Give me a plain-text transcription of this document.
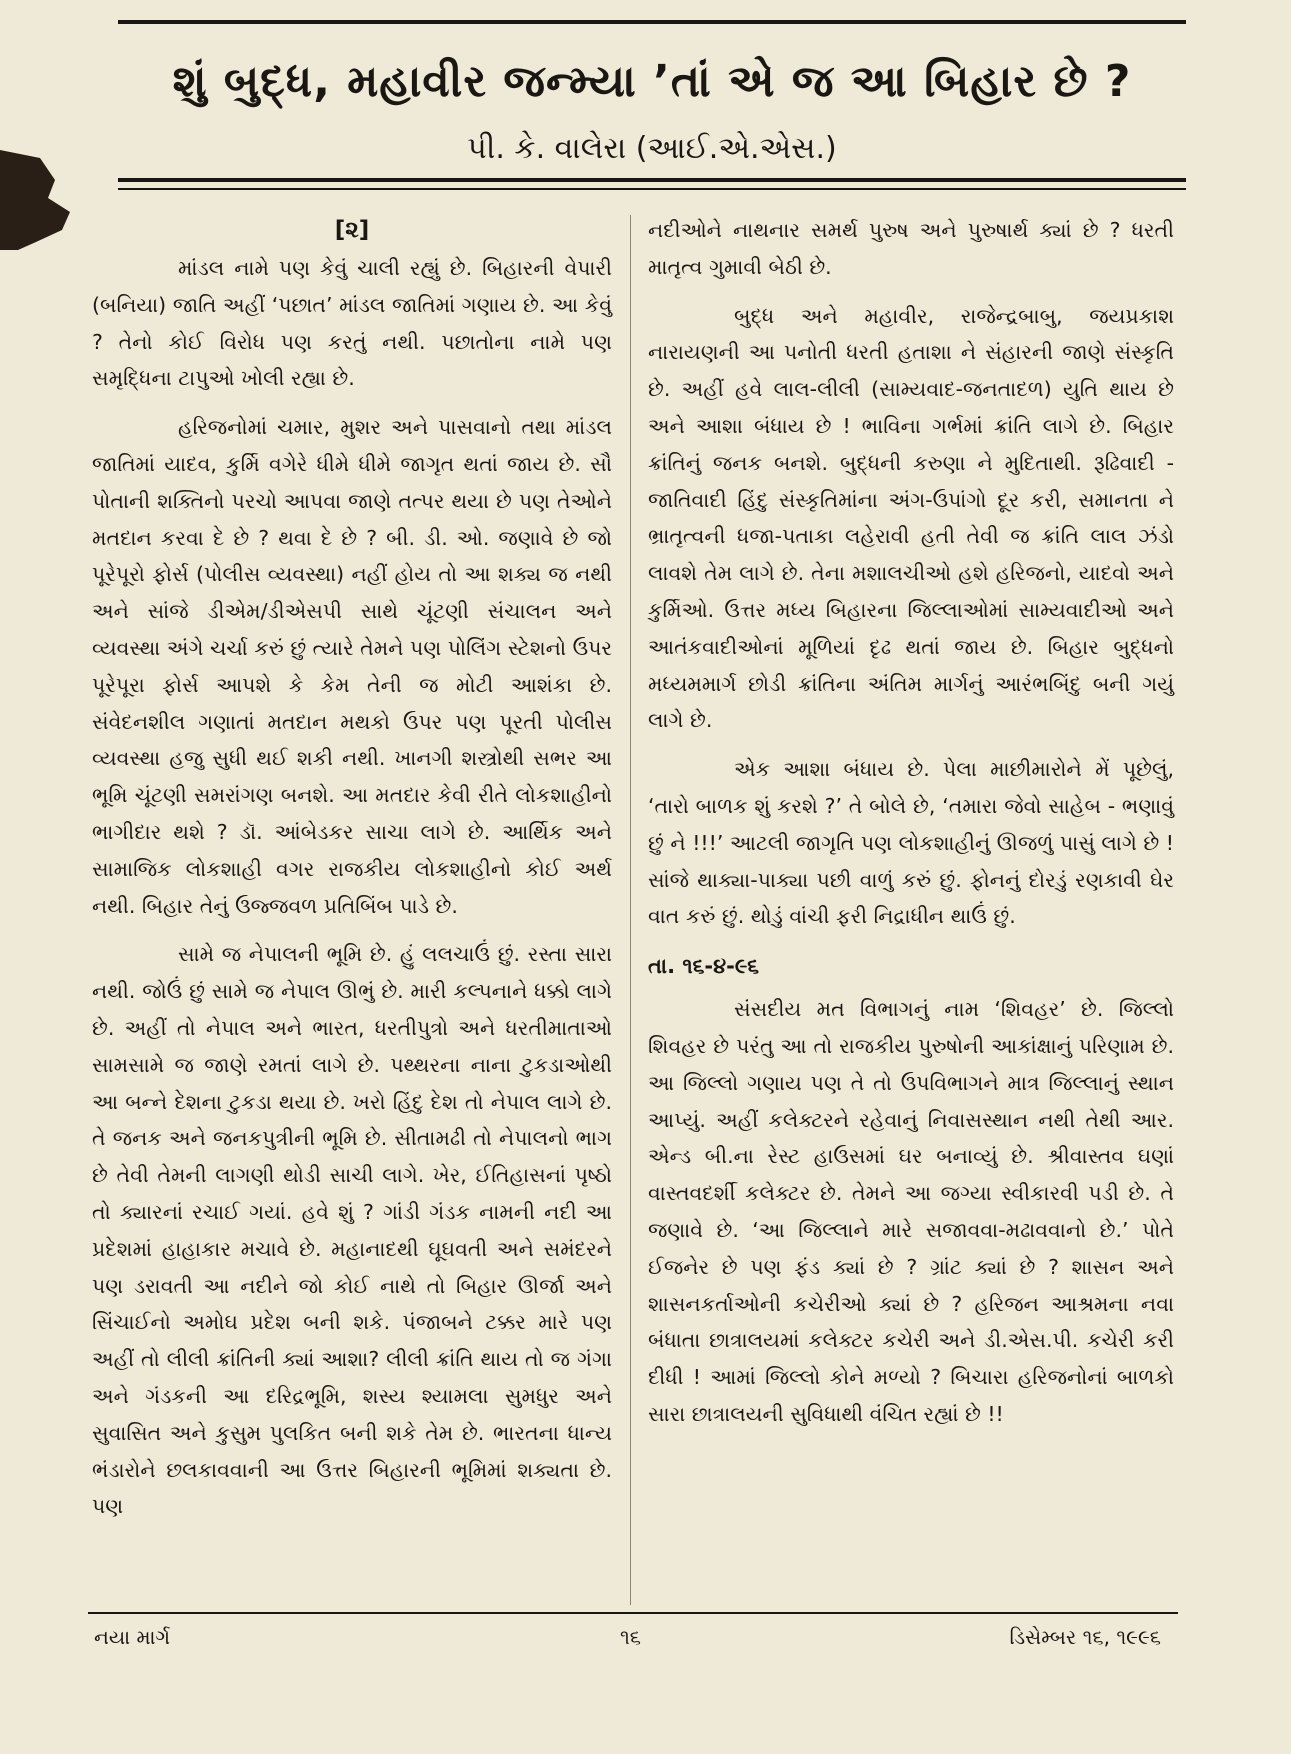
શું બુદ્ધ, મહાવીર જન્મ્યા ’તાં એ જ આ બિહાર છે ?
પી. કે. વાલેરા (આઈ.એ.એસ.)
[૨]

માંડલ નામે પણ કેવું ચાલી રહ્યું છે. બિહારની વેપારી (બનિયા) જાતિ અહીં ‘પછાત’ માંડલ જાતિમાં ગણાય છે. આ કેવું ? તેનો કોઈ વિરોધ પણ કરતું નથી. પછાતોના નામે પણ સમૃદ્ધિના ટાપુઓ ખોલી રહ્યા છે.

હરિજનોમાં ચમાર, મુશર અને પાસવાનો તથા માંડલ જાતિમાં યાદવ, કુર્મિ વગેરે ધીમે ધીમે જાગૃત થતાં જાય છે. સૌ પોતાની શક્તિનો પરચો આપવા જાણે તત્પર થયા છે પણ તેઓને મતદાન કરવા દે છે ? થવા દે છે ? બી. ડી. ઓ. જણાવે છે જો પૂરેપૂરો ફોર્સ (પોલીસ વ્યવસ્થા) નહીં હોય તો આ શક્ય જ નથી અને સાંજે ડીએમ/ડીએસપી સાથે ચૂંટણી સંચાલન અને વ્યવસ્થા અંગે ચર્ચા કરું છું ત્યારે તેમને પણ પોલિંગ સ્ટેશનો ઉપર પૂરેપૂરા ફોર્સ આપશે કે કેમ તેની જ મોટી આશંકા છે. સંવેદનશીલ ગણાતાં મતદાન મથકો ઉપર પણ પૂરતી પોલીસ વ્યવસ્થા હજુ સુધી થઈ શકી નથી. ખાનગી શસ્ત્રોથી સભર આ ભૂમિ ચૂંટણી સમરાંગણ બનશે. આ મતદાર કેવી રીતે લોકશાહીનો ભાગીદાર થશે ? ડૉ. આંબેડકર સાચા લાગે છે. આર્થિક અને સામાજિક લોકશાહી વગર રાજકીય લોકશાહીનો કોઈ અર્થ નથી. બિહાર તેનું ઉજ્જવળ પ્રતિબિંબ પાડે છે.

સામે જ નેપાલની ભૂમિ છે. હું લલચાઉં છું. રસ્તા સારા નથી. જોઉં છું સામે જ નેપાલ ઊભું છે. મારી કલ્પનાને ધક્કો લાગે છે. અહીં તો નેપાલ અને ભારત, ધરતીપુત્રો અને ધરતીમાતાઓ સામસામે જ જાણે રમતાં લાગે છે. પથ્થરના નાના ટુકડાઓથી આ બન્ને દેશના ટુકડા થયા છે. ખરો હિંદુ દેશ તો નેપાલ લાગે છે. તે જનક અને જનકપુત્રીની ભૂમિ છે. સીતામઢી તો નેપાલનો ભાગ છે તેવી તેમની લાગણી થોડી સાચી લાગે. ખેર, ઈતિહાસનાં પૃષ્ઠો તો ક્યારનાં રચાઈ ગયાં. હવે શું ? ગાંડી ગંડક નામની નદી આ પ્રદેશમાં હાહાકાર મચાવે છે. મહાનાદથી ઘૂઘવતી અને સમંદરને પણ ડરાવતી આ નદીને જો કોઈ નાથે તો બિહાર ઊર્જા અને સિંચાઈનો અમોઘ પ્રદેશ બની શકે. પંજાબને ટક્કર મારે પણ અહીં તો લીલી ક્રાંતિની ક્યાં આશા? લીલી ક્રાંતિ થાય તો જ ગંગા અને ગંડકની આ દરિદ્રભૂમિ, શસ્ય શ્યામલા સુમધુર અને સુવાસિત અને કુસુમ પુલકિત બની શકે તેમ છે. ભારતના ધાન્ય ભંડારોને છલકાવવાની આ ઉત્તર બિહારની ભૂમિમાં શક્યતા છે. પણ

નદીઓને નાથનાર સમર્થ પુરુષ અને પુરુષાર્થ ક્યાં છે ? ધરતી માતૃત્વ ગુમાવી બેઠી છે.

બુદ્ધ અને મહાવીર, રાજેન્દ્રબાબુ, જયપ્રકાશ નારાયણની આ પનોતી ધરતી હતાશા ને સંહારની જાણે સંસ્કૃતિ છે. અહીં હવે લાલ-લીલી (સામ્યવાદ-જનતાદળ) યુતિ થાય છે અને આશા બંધાય છે ! ભાવિના ગર્ભમાં ક્રાંતિ લાગે છે. બિહાર ક્રાંતિનું જનક બનશે. બુદ્ધની કરુણા ને મુદિતાથી. રૂઢિવાદી - જાતિવાદી હિંદુ સંસ્કૃતિમાંના અંગ-ઉપાંગો દૂર કરી, સમાનતા ને ભ્રાતૃત્વની ધજા-પતાકા લહેરાવી હતી તેવી જ ક્રાંતિ લાલ ઝંડો લાવશે તેમ લાગે છે. તેના મશાલચીઓ હશે હરિજનો, યાદવો અને કુર્મિઓ. ઉત્તર મધ્ય બિહારના જિલ્લાઓમાં સામ્યવાદીઓ અને આતંકવાદીઓનાં મૂળિયાં દૃઢ થતાં જાય છે. બિહાર બુદ્ધનો મધ્યમમાર્ગ છોડી ક્રાંતિના અંતિમ માર્ગનું આરંભબિંદુ બની ગયું લાગે છે.

એક આશા બંધાય છે. પેલા માછીમારોને મેં પૂછેલું, ‘તારો બાળક શું કરશે ?’ તે બોલે છે, ‘તમારા જેવો સાહેબ - ભણાવું છું ને !!!’ આટલી જાગૃતિ પણ લોકશાહીનું ઊજળું પાસું લાગે છે ! સાંજે થાક્યા-પાક્યા પછી વાળું કરું છું. ફોનનું દોરડું રણકાવી ઘેર વાત કરું છું. થોડું વાંચી ફરી નિદ્રાધીન થાઉં છું.

તા. ૧૬-૪-૯૬

સંસદીય મત વિભાગનું નામ ‘શિવહર’ છે. જિલ્લો શિવહર છે પરંતુ આ તો રાજકીય પુરુષોની આકાંક્ષાનું પરિણામ છે. આ જિલ્લો ગણાય પણ તે તો ઉપવિભાગને માત્ર જિલ્લાનું સ્થાન આપ્યું. અહીં કલેક્ટરને રહેવાનું નિવાસસ્થાન નથી તેથી આર. એન્ડ બી.ના રેસ્ટ હાઉસમાં ઘર બનાવ્યું છે. શ્રીવાસ્તવ ઘણાં વાસ્તવદર્શી કલેક્ટર છે. તેમને આ જગ્યા સ્વીકારવી પડી છે. તે જણાવે છે. ‘આ જિલ્લાને મારે સજાવવા-મઢાવવાનો છે.’ પોતે ઈજનેર છે પણ ફંડ ક્યાં છે ? ગ્રાંટ ક્યાં છે ? શાસન અને શાસનકર્તાઓની કચેરીઓ ક્યાં છે ? હરિજન આશ્રમના નવા બંધાતા છાત્રાલયમાં કલેક્ટર કચેરી અને ડી.એસ.પી. કચેરી કરી દીધી ! આમાં જિલ્લો કોને મળ્યો ? બિચારા હરિજનોનાં બાળકો સારા છાત્રાલયની સુવિધાથી વંચિત રહ્યાં છે !!

નયા માર્ગ	૧૬	ડિસેમ્બર ૧૬, ૧૯૯૬
